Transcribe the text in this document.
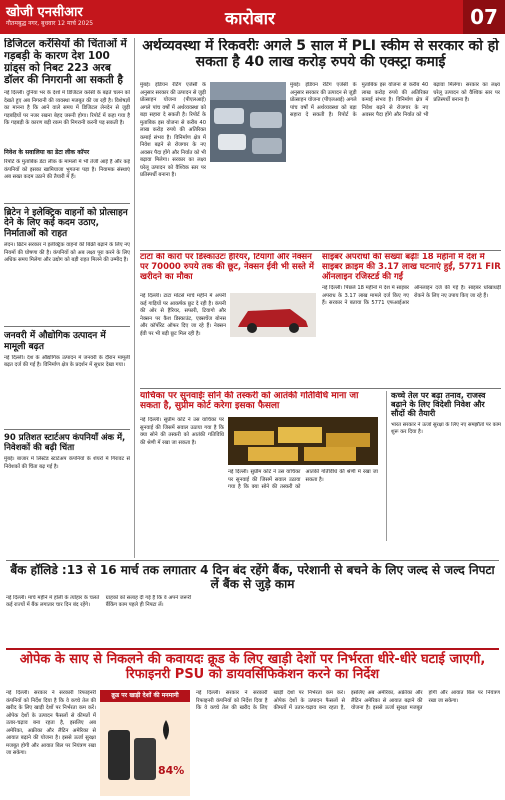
खोजी एनसीआर
गौतमबुद्ध नगर, बुधवार 12 मार्च 2025	कारोबार	07
डिजिटल करेंसियों की चिंताओं में गड़बड़ी के कारण देश 100 ग्रांड्स को निबट 223 अरब डॉलर की निगरानी आ सकती है
नई दिल्ली। दुनिया भर के देशों में डिजिटल करेंसी के बढ़ते चलन को देखते हुए अब निगरानी की व्यवस्था मजबूत की जा रही है। विशेषज्ञों का मानना है कि आने वाले समय में डिजिटल लेनदेन से जुड़ी गड़बड़ियों पर नजर रखना बेहद जरूरी होगा। रिपोर्ट में कहा गया है कि गड़बड़ी के कारण बड़ी रकम की निगरानी करनी पड़ सकती है।
निवेश के सवालिया का डेटा लीक कॉपर
रिपोर्ट के मुताबिक डेटा लीक के मामलों में भी तेजी आई है और कई कंपनियों को इसका खामियाजा भुगतना पड़ा है। नियामक संस्थाएं अब सख्त कदम उठाने की तैयारी में हैं।
ब्रिटेन ने इलेक्ट्रिक वाहनों को प्रोत्साहन देने के लिए कई कदम उठाए, निर्माताओं को राहत
लंदन। ब्रिटेन सरकार ने इलेक्ट्रिक वाहनों की बिक्री बढ़ाने के लिए नए नियमों की घोषणा की है। कंपनियों को अब लक्ष्य पूरा करने के लिए अधिक समय मिलेगा और उद्योग को बड़ी राहत मिलने की उम्मीद है।
जनवरी में औद्योगिक उत्पादन में मामूली बढ़त
नई दिल्ली। देश के औद्योगिक उत्पादन में जनवरी के दौरान मामूली बढ़त दर्ज की गई है। विनिर्माण क्षेत्र के प्रदर्शन में सुधार देखा गया।
90 प्रतिशत स्टार्टअप कंपनियाँ अंक में, निवेशकों की बढ़ी चिंता
मुंबई। बाजार में लिस्टेड स्टार्टअप कंपनियों के शेयरों में गिरावट से निवेशकों की चिंता बढ़ गई है।
अर्थव्यवस्था में रिकवरीः अगले 5 साल में PLI स्कीम से सरकार को हो सकता है 40 लाख करोड़ रुपये की एक्स्ट्रा कमाई
मुंबई। इंडियन रेटिंग एजेंसी के अनुसार सरकार की उत्पादन से जुड़ी प्रोत्साहन योजना (पीएलआई) अगले पांच वर्षों में अर्थव्यवस्था को बड़ा सहारा दे सकती है। रिपोर्ट के मुताबिक इस योजना से करीब 40 लाख करोड़ रुपये की अतिरिक्त कमाई संभव है। विनिर्माण क्षेत्र में निवेश बढ़ने से रोजगार के नए अवसर पैदा होंगे और निर्यात को भी बढ़ावा मिलेगा। सरकार का लक्ष्य घरेलू उत्पादन को वैश्विक स्तर पर प्रतिस्पर्धी बनाना है।
मुंबई। इंडियन रेटिंग एजेंसी के अनुसार सरकार की उत्पादन से जुड़ी प्रोत्साहन योजना (पीएलआई) अगले पांच वर्षों में अर्थव्यवस्था को बड़ा सहारा दे सकती है। रिपोर्ट के मुताबिक इस योजना से करीब 40 लाख करोड़ रुपये की अतिरिक्त कमाई संभव है। विनिर्माण क्षेत्र में निवेश बढ़ने से रोजगार के नए अवसर पैदा होंगे और निर्यात को भी बढ़ावा मिलेगा। सरकार का लक्ष्य घरेलू उत्पादन को वैश्विक स्तर पर प्रतिस्पर्धी बनाना है।
टाटा की कारों पर डिस्काउंटः हैरियर, टियागो और नेक्सन पर 70000 रुपये तक की छूट, नेक्सन ईवी भी सस्ते में खरीदने का मौका
नई दिल्ली। टाटा मोटर्स मार्च महीने में अपनी कई गाड़ियों पर आकर्षक छूट दे रही है। कंपनी की ओर से हैरियर, सफारी, टियागो और नेक्सन पर कैश डिस्काउंट, एक्सचेंज बोनस और कॉर्पोरेट ऑफर दिए जा रहे हैं। नेक्सन ईवी पर भी बड़ी छूट मिल रही है।
साइबर अपराधों की संख्या बढ़ीः 18 महीनों में देश में साइबर क्राइम की 3.17 लाख घटनाएं हुईं, 5771 FIR ऑनलाइन रजिस्टर्ड की गईं
नई दिल्ली। पिछले 18 महीनों में देश में साइबर अपराध के 3.17 लाख मामले दर्ज किए गए हैं। सरकार ने बताया कि 5771 एफआईआर ऑनलाइन दर्ज की गई हैं। साइबर धोखाधड़ी रोकने के लिए नए उपाय किए जा रहे हैं।
याचिका पर सुनवाईः सोने की तस्करी को आतंकी गतिविधि माना जा सकता है, सुप्रीम कोर्ट करेगा इसका फैसला
नई दिल्ली। सुप्रीम कोर्ट ने उस याचिका पर सुनवाई की जिसमें सवाल उठाया गया है कि क्या सोने की तस्करी को आतंकी गतिविधि की श्रेणी में रखा जा सकता है।
नई दिल्ली। सुप्रीम कोर्ट ने उस याचिका पर सुनवाई की जिसमें सवाल उठाया गया है कि क्या सोने की तस्करी को आतंकी गतिविधि की श्रेणी में रखा जा सकता है।
कच्चे तेल पर बढ़ा तनाव, राजस्व बढ़ाने के लिए विदेशी निवेश और सौदों की तैयारी
भारत सरकार ने ऊर्जा सुरक्षा के लिए नए समझौतों पर काम शुरू कर दिया है।
बैंक हॉलिडे :13 से 16 मार्च तक लगातार 4 दिन बंद रहेंगे बैंक, परेशानी से बचने के लिए जल्द से जल्द निपटा लें बैंक से जुड़े काम
नई दिल्ली। मार्च महीने में होली के त्योहार के चलते कई राज्यों में बैंक लगातार चार दिन बंद रहेंगे। ग्राहकों को सलाह दी गई है कि वे अपने जरूरी बैंकिंग काम पहले ही निपटा लें।
ओपेक के साए से निकलने की कवायदः क्रूड के लिए खाड़ी देशों पर निर्भरता धीरे-धीरे घटाई जाएगी, रिफाइनरी PSU को डायवर्सिफिकेशन करने का निर्देश
नई दिल्ली। सरकार ने सरकारी रिफाइनरी कंपनियों को निर्देश दिया है कि वे कच्चे तेल की खरीद के लिए खाड़ी देशों पर निर्भरता कम करें। ओपेक देशों के उत्पादन फैसलों से कीमतों में उतार-चढ़ाव बना रहता है, इसलिए अब अमेरिका, अफ्रीका और लैटिन अमेरिका से आयात बढ़ाने की योजना है। इससे ऊर्जा सुरक्षा मजबूत होगी और आयात बिल पर नियंत्रण रखा जा सकेगा।
क्रूड पर खाड़ी देशों की मनमानी
84%
नई दिल्ली। सरकार ने सरकारी रिफाइनरी कंपनियों को निर्देश दिया है कि वे कच्चे तेल की खरीद के लिए खाड़ी देशों पर निर्भरता कम करें। ओपेक देशों के उत्पादन फैसलों से कीमतों में उतार-चढ़ाव बना रहता है, इसलिए अब अमेरिका, अफ्रीका और लैटिन अमेरिका से आयात बढ़ाने की योजना है। इससे ऊर्जा सुरक्षा मजबूत होगी और आयात बिल पर नियंत्रण रखा जा सकेगा।
